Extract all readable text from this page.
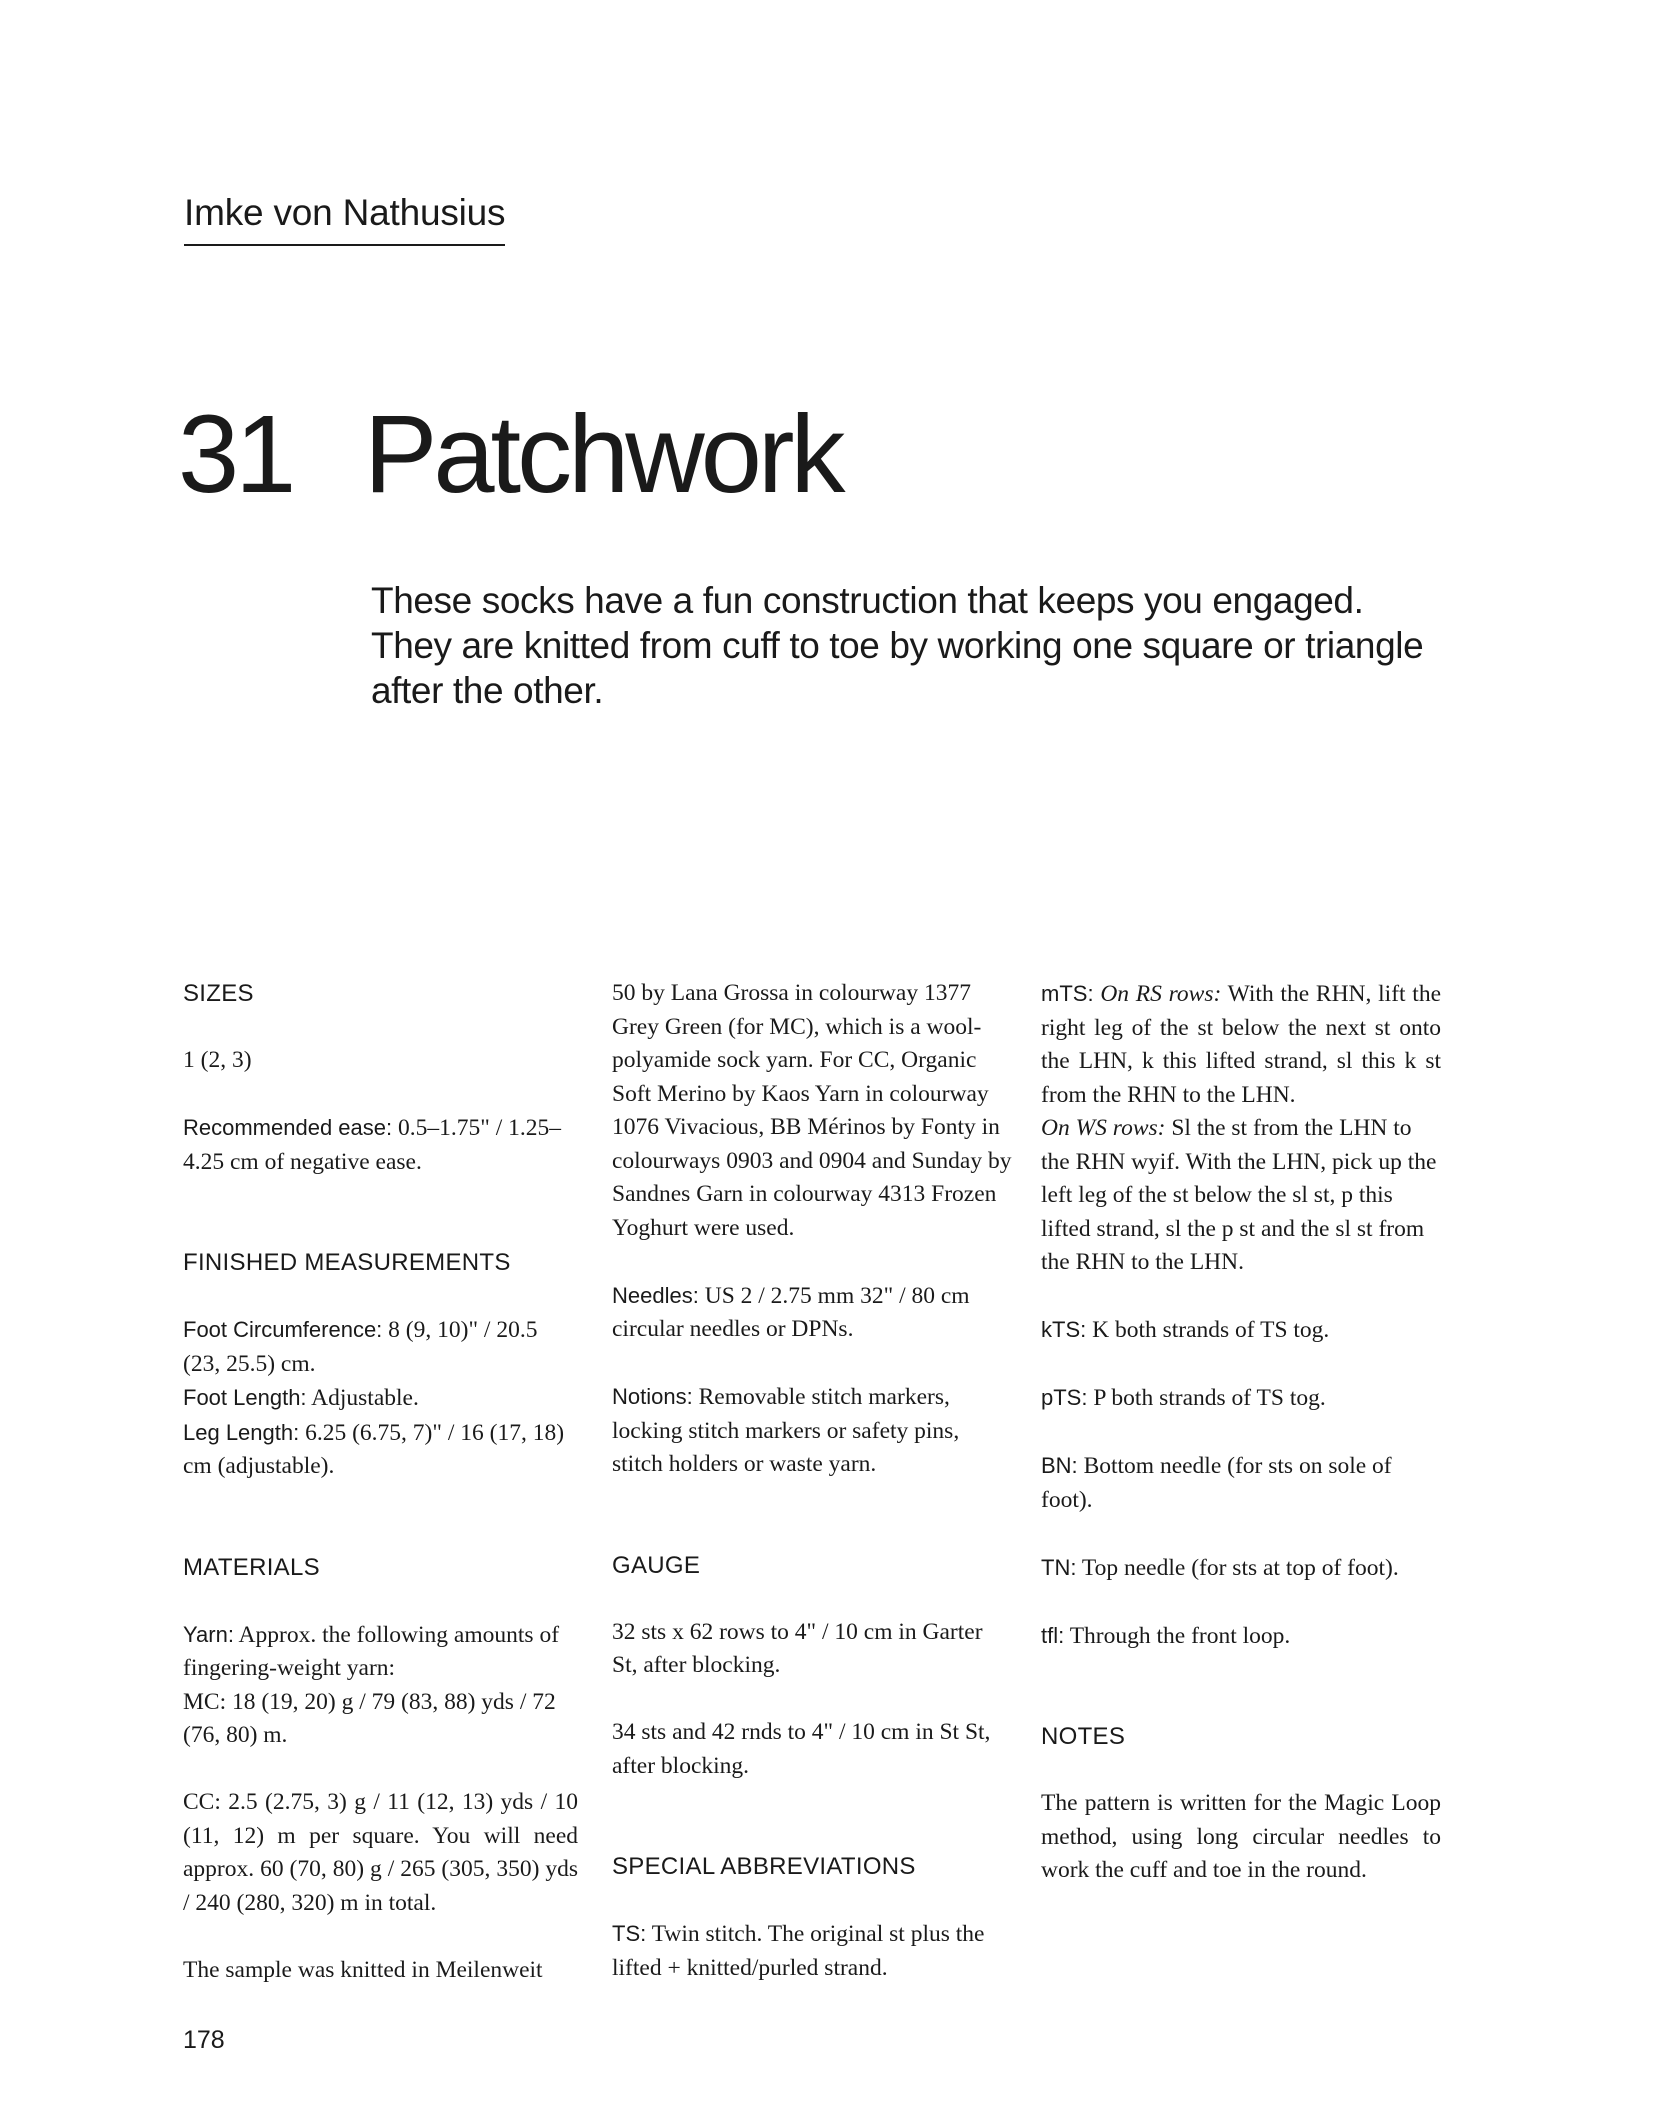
Imke von Nathusius
31 Patchwork
These socks have a fun construction that keeps you engaged. They are knitted from cuff to toe by working one square or triangle after the other.

SIZES

1 (2, 3)

Recommended ease: 0.5–1.75" / 1.25–4.25 cm of negative ease.

FINISHED MEASUREMENTS

Foot Circumference: 8 (9, 10)" / 20.5 (23, 25.5) cm.

Foot Length: Adjustable.

Leg Length: 6.25 (6.75, 7)" / 16 (17, 18) cm (adjustable).

MATERIALS

Yarn: Approx. the following amounts of fingering-weight yarn:

MC: 18 (19, 20) g / 79 (83, 88) yds / 72 (76, 80) m.

CC: 2.5 (2.75, 3) g / 11 (12, 13) yds / 10 (11, 12) m per square. You will need approx. 60 (70, 80) g / 265 (305, 350) yds / 240 (280, 320) m in total.

The sample was knitted in Meilenweit

50 by Lana Grossa in colourway 1377 Grey Green (for MC), which is a wool-polyamide sock yarn. For CC, Organic Soft Merino by Kaos Yarn in colourway 1076 Vivacious, BB Mérinos by Fonty in colourways 0903 and 0904 and Sunday by Sandnes Garn in colourway 4313 Frozen Yoghurt were used.

Needles: US 2 / 2.75 mm 32" / 80 cm circular needles or DPNs.

Notions: Removable stitch markers, locking stitch markers or safety pins, stitch holders or waste yarn.

GAUGE

32 sts x 62 rows to 4" / 10 cm in Garter St, after blocking.

34 sts and 42 rnds to 4" / 10 cm in St St, after blocking.

SPECIAL ABBREVIATIONS

TS: Twin stitch. The original st plus the lifted + knitted/purled strand.

mTS: On RS rows: With the RHN, lift the right leg of the st below the next st onto the LHN, k this lifted strand, sl this k st from the RHN to the LHN.

On WS rows: Sl the st from the LHN to the RHN wyif. With the LHN, pick up the left leg of the st below the sl st, p this lifted strand, sl the p st and the sl st from the RHN to the LHN.

kTS: K both strands of TS tog.

pTS: P both strands of TS tog.

BN: Bottom needle (for sts on sole of foot).

TN: Top needle (for sts at top of foot).

tfl: Through the front loop.

NOTES

The pattern is written for the Magic Loop method, using long circular needles to work the cuff and toe in the round.

178
